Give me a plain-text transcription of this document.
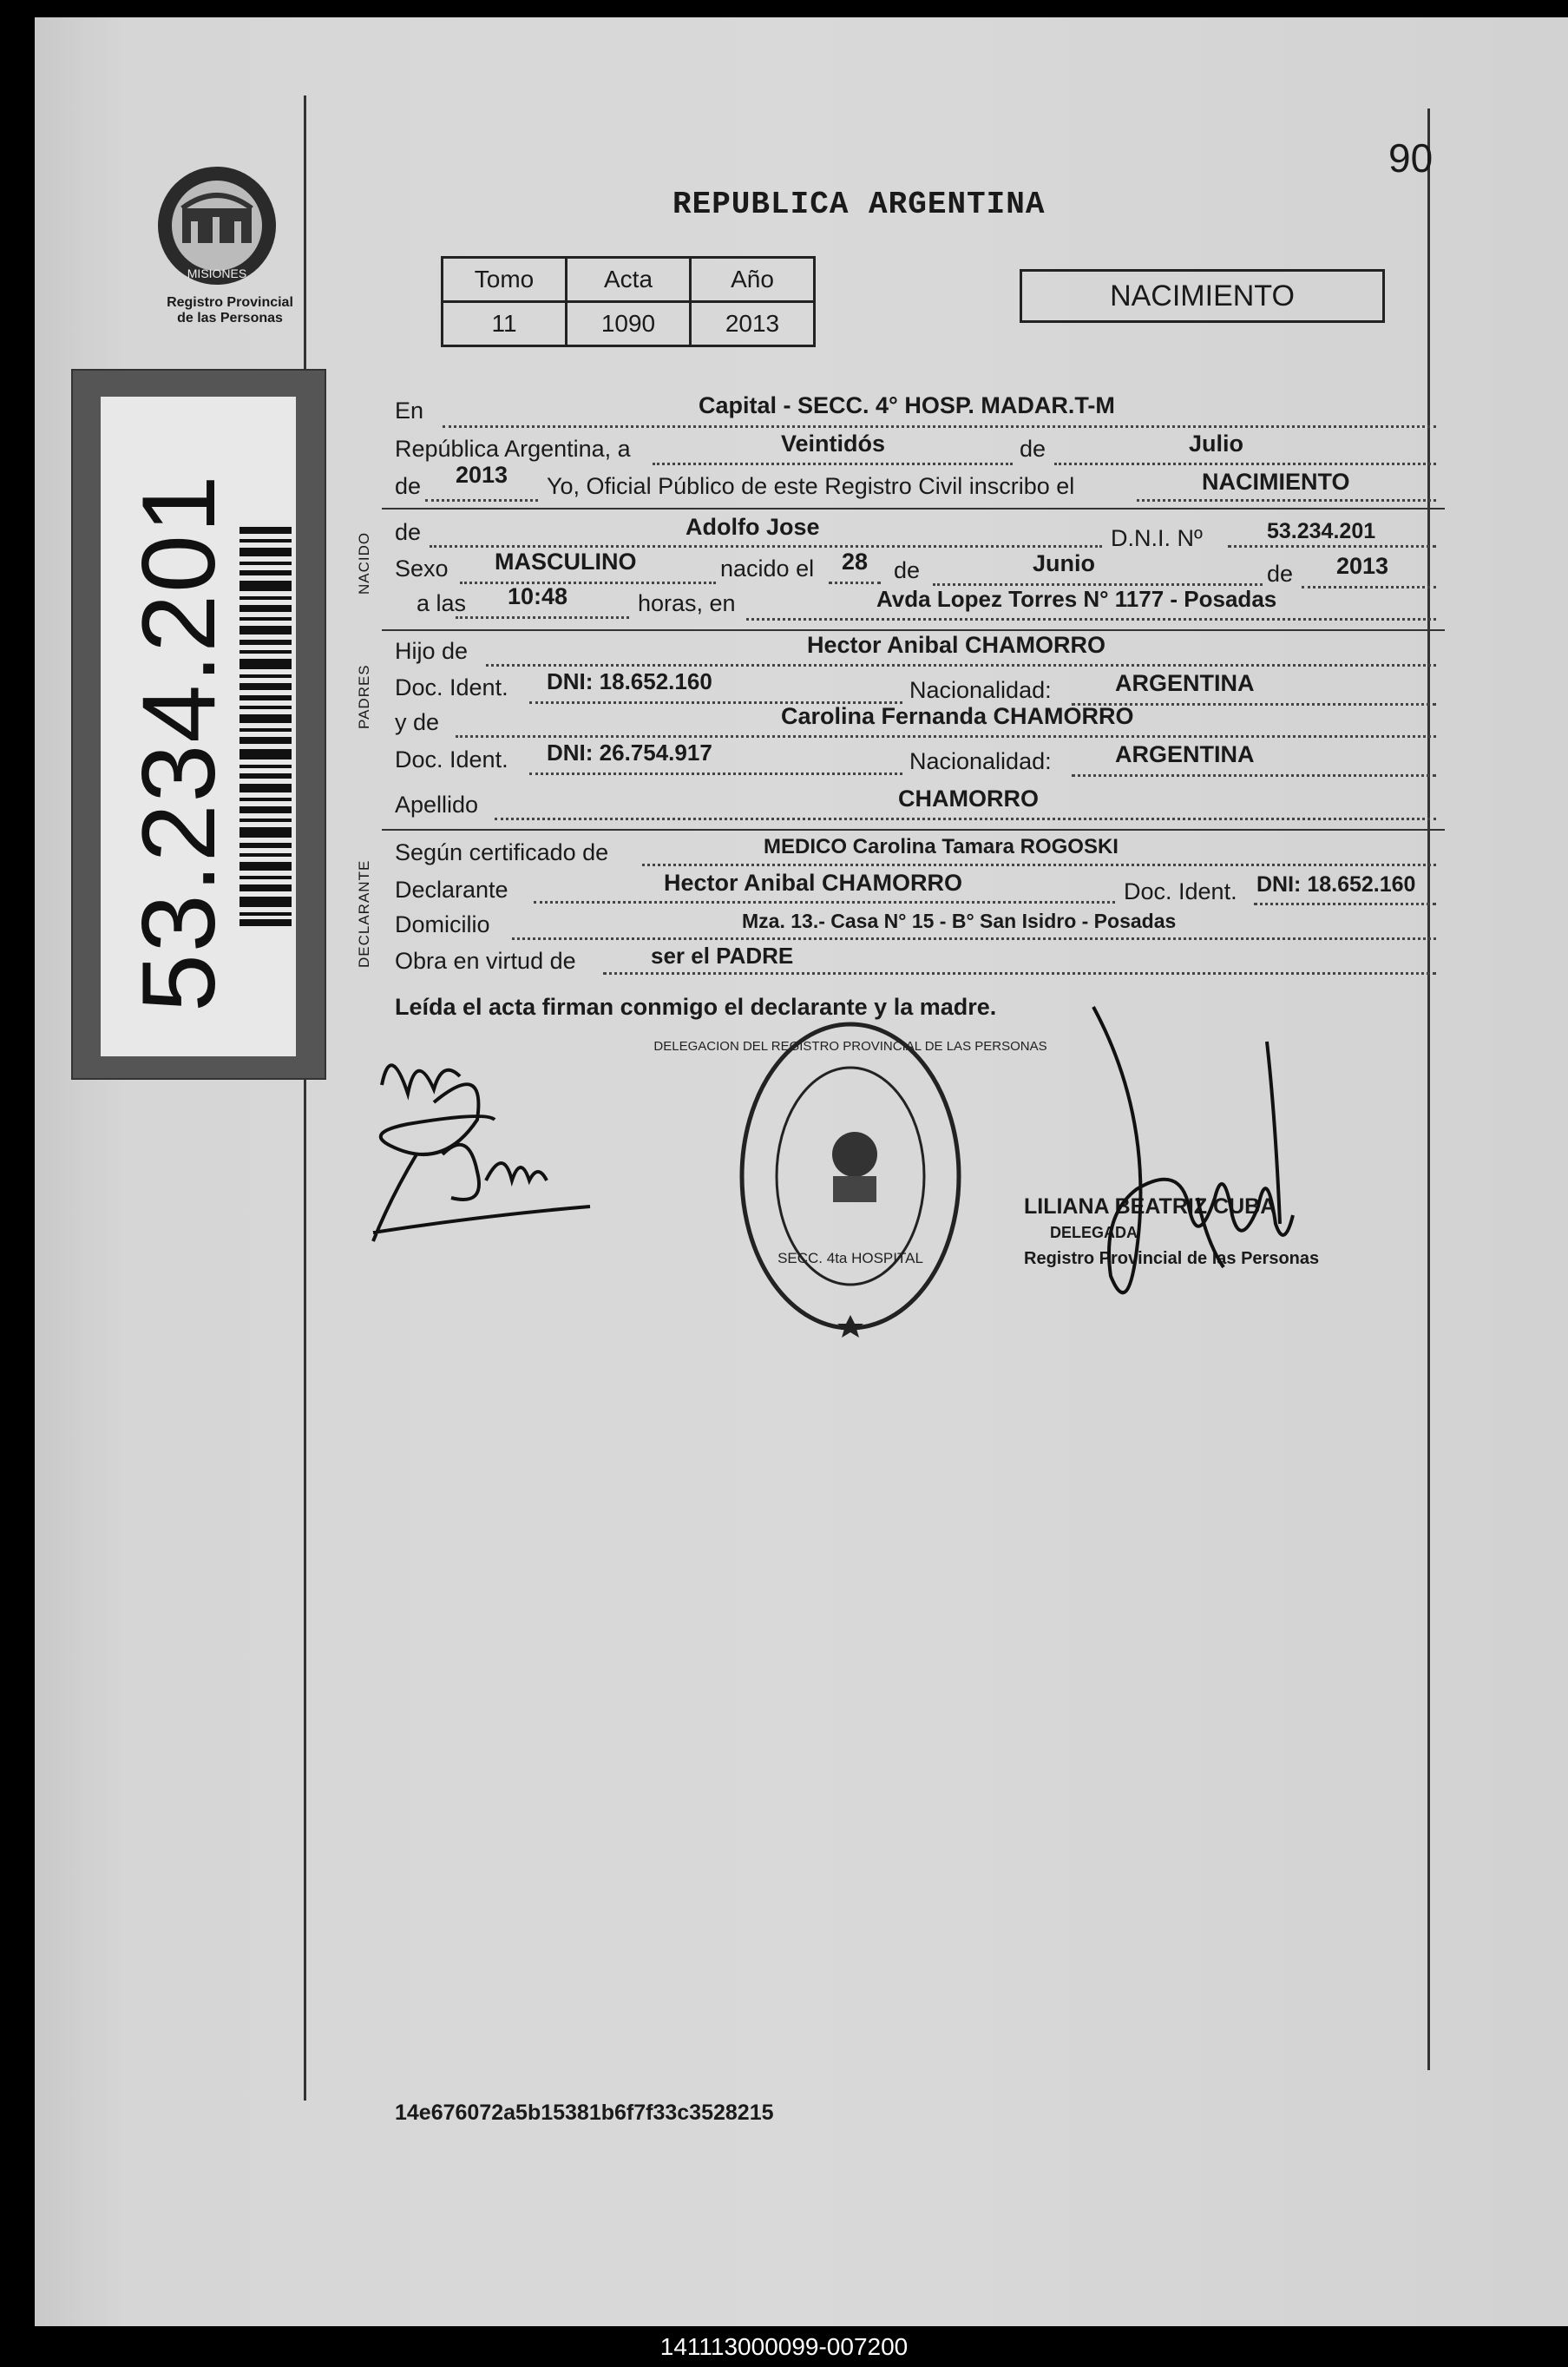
90
MISIONES
Registro Provincial
de las Personas
53.234.201
REPUBLICA ARGENTINA
Tomo	Acta	Año
11	1090	2013
NACIMIENTO
En	Capital - SECC. 4° HOSP. MADAR.T-M
República Argentina, a	Veintidós	de	Julio
de 2013 Yo, Oficial Público de este Registro Civil inscribo el	NACIMIENTO
NACIDO de	Adolfo Jose	D.N.I. Nº	53.234.201
Sexo MASCULINO	nacido el 28 de	Junio	de 2013
a las 10:48	horas, en	Avda Lopez Torres N° 1177 - Posadas
PADRES
Hijo de	Hector Anibal CHAMORRO
Doc. Ident. DNI: 18.652.160	Nacionalidad:	ARGENTINA
y de	Carolina Fernanda CHAMORRO
Doc. Ident. DNI: 26.754.917	Nacionalidad:	ARGENTINA
Apellido	CHAMORRO
DECLARANTE
Según certificado de	MEDICO Carolina Tamara ROGOSKI
Declarante	Hector Anibal CHAMORRO	Doc. Ident. DNI: 18.652.160
Domicilio	Mza. 13.- Casa N° 15 - B° San Isidro - Posadas
Obra en virtud de	ser el PADRE
Leída el acta firman conmigo el declarante y la madre.
DELEGACION DEL REGISTRO PROVINCIAL DE LAS PERSONAS
SECC. 4ta HOSPITAL
LILIANA BEATRIZ CUBA
DELEGADA
Registro Provincial de las Personas
14e676072a5b15381b6f7f33c3528215
141113000099-007200
